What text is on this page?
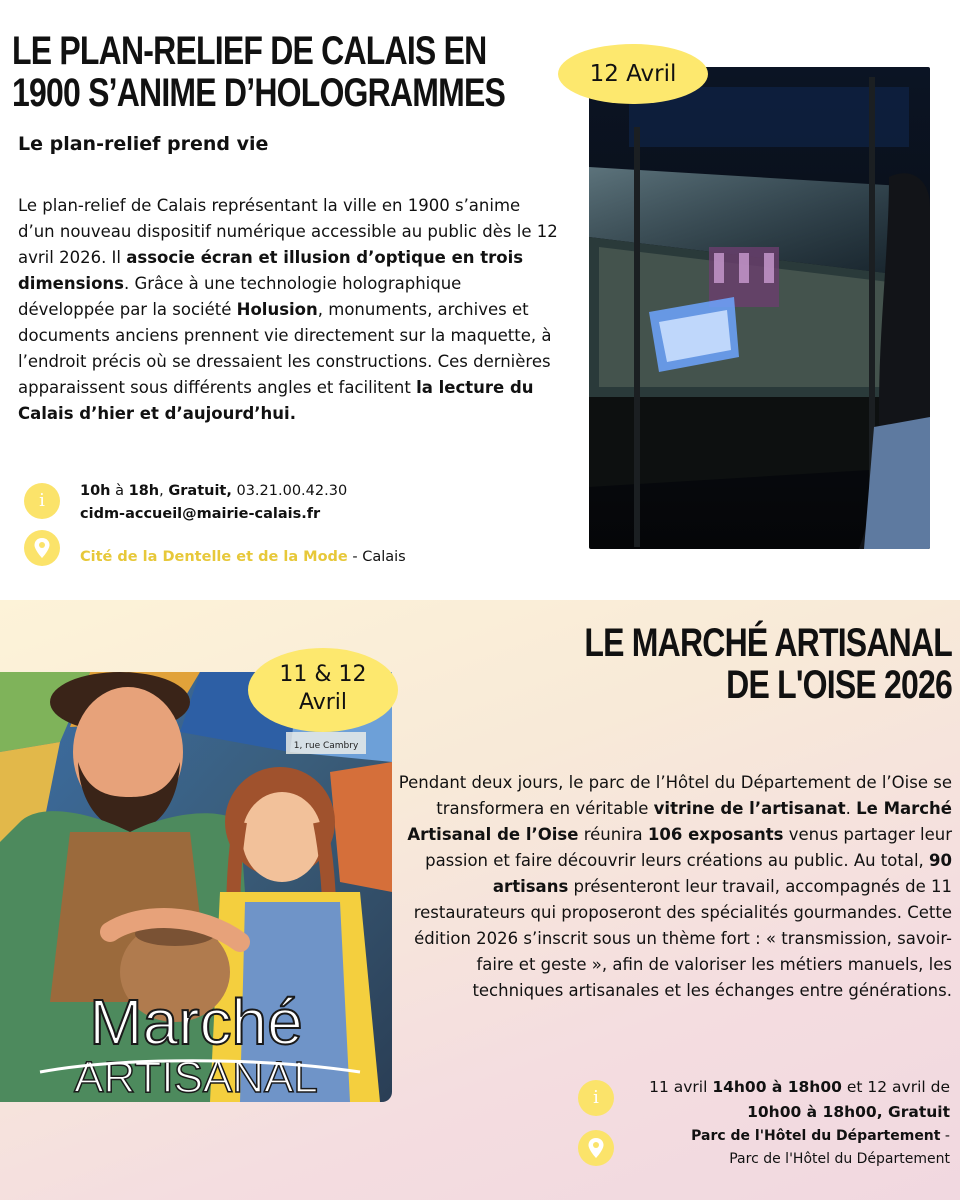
LE PLAN-RELIEF DE CALAIS EN
1900 S’ANIME D’HOLOGRAMMES
Le plan-relief prend vie

Le plan-relief de Calais représentant la ville en 1900 s’anime d’un nouveau dispositif numérique accessible au public dès le 12 avril 2026. Il associe écran et illusion d’optique en trois dimensions. Grâce à une technologie holographique développée par la société Holusion, monuments, archives et documents anciens prennent vie directement sur la maquette, à l’endroit précis où se dressaient les constructions. Ces dernières apparaissent sous différents angles et facilitent la lecture du Calais d’hier et d’aujourd’hui.

i	10h à 18h, Gratuit, 03.21.00.42.30
cidm-accueil@mairie-calais.fr
Cité de la Dentelle et de la Mode - Calais
12 Avril
LE MARCHÉ ARTISANAL
DE L'OISE 2026
1, rue Cambry
Marché
ARTISANAL
11 & 12
Avril

Pendant deux jours, le parc de l’Hôtel du Département de l’Oise se transformera en véritable vitrine de l’artisanat. Le Marché Artisanal de l’Oise réunira 106 exposants venus partager leur passion et faire découvrir leurs créations au public. Au total, 90 artisans présenteront leur travail, accompagnés de 11 restaurateurs qui proposeront des spécialités gourmandes. Cette édition 2026 s’inscrit sous un thème fort : « transmission, savoir-faire et geste », afin de valoriser les métiers manuels, les techniques artisanales et les échanges entre générations.

i	11 avril 14h00 à 18h00 et 12 avril de
10h00 à 18h00, Gratuit
Parc de l'Hôtel du Département -
Parc de l'Hôtel du Département
